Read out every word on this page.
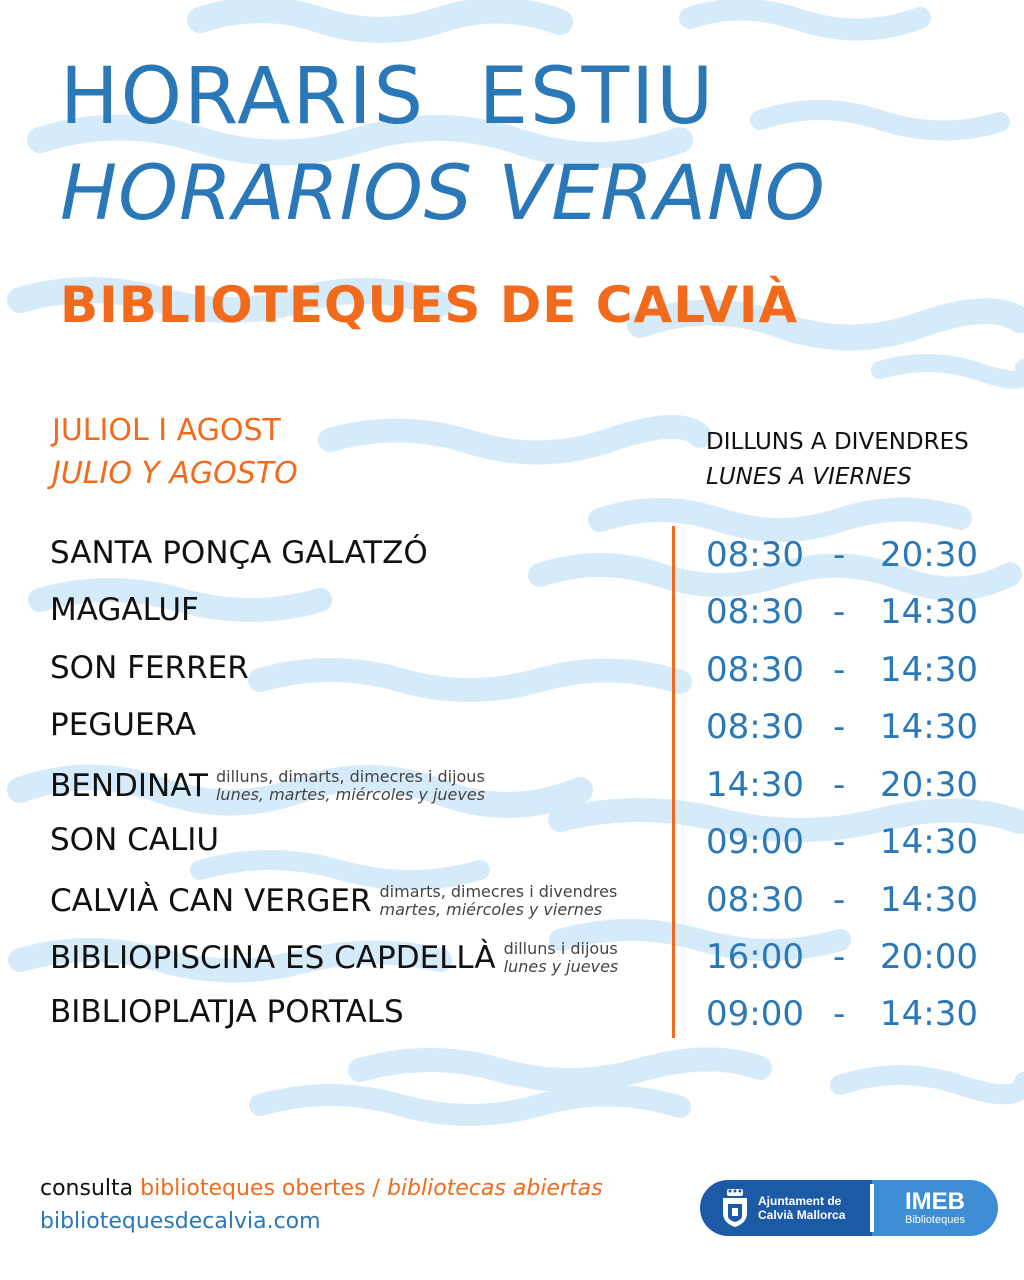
HORARIS  ESTIU
HORARIOS VERANO
BIBLIOTEQUES DE CALVIÀ
JULIOL I AGOST
JULIO Y AGOSTO
DILLUNS A DIVENDRES
LUNES A VIERNES
SANTA PONÇA GALATZÓ	08:30 - 20:30
MAGALUF	08:30 - 14:30
SON FERRER	08:30 - 14:30
PEGUERA	08:30 - 14:30
BENDINAT dilluns, dimarts, dimecres i dijous
lunes, martes, miércoles y jueves	14:30 - 20:30
SON CALIU	09:00 - 14:30
CALVIÀ CAN VERGER dimarts, dimecres i divendres
martes, miércoles y viernes	08:30 - 14:30
BIBLIOPISCINA ES CAPDELLÀ dilluns i dijous
lunes y jueves	16:00 - 20:00
BIBLIOPLATJA PORTALS	09:00 - 14:30
consulta biblioteques obertes / bibliotecas abiertas
bibliotequesdecalvia.com
Ajuntament de
Calvià Mallorca
IMEB
Biblioteques
